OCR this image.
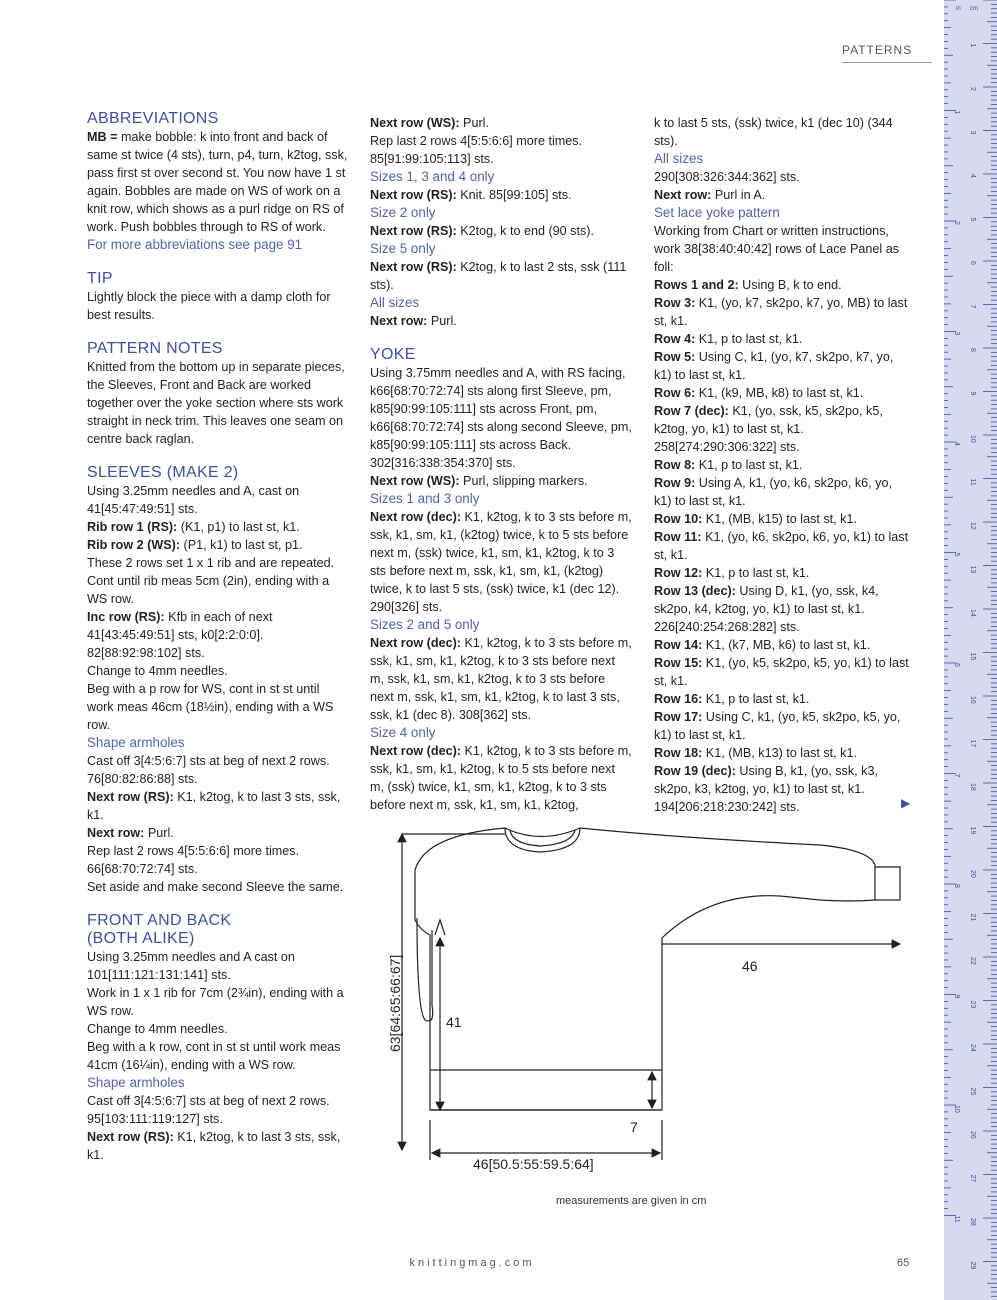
PATTERNS
ABBREVIATIONS
MB = make bobble: k into front and back of same st twice (4 sts), turn, p4, turn, k2tog, ssk, pass first st over second st. You now have 1 st again. Bobbles are made on WS of work on a knit row, which shows as a purl ridge on RS of work. Push bobbles through to RS of work.
For more abbreviations see page 91
TIP
Lightly block the piece with a damp cloth for best results.
PATTERN NOTES
Knitted from the bottom up in separate pieces, the Sleeves, Front and Back are worked together over the yoke section where sts work straight in neck trim. This leaves one seam on centre back raglan.
SLEEVES (MAKE 2)
Using 3.25mm needles and A, cast on 41[45:47:49:51] sts.
Rib row 1 (RS): (K1, p1) to last st, k1.
Rib row 2 (WS): (P1, k1) to last st, p1.
These 2 rows set 1 x 1 rib and are repeated. Cont until rib meas 5cm (2in), ending with a WS row.
Inc row (RS): Kfb in each of next 41[43:45:49:51] sts, k0[2:2:0:0]. 82[88:92:98:102] sts.
Change to 4mm needles.
Beg with a p row for WS, cont in st st until work meas 46cm (18½in), ending with a WS row.
Shape armholes
Cast off 3[4:5:6:7] sts at beg of next 2 rows. 76[80:82:86:88] sts.
Next row (RS): K1, k2tog, k to last 3 sts, ssk, k1.
Next row: Purl.
Rep last 2 rows 4[5:5:6:6] more times. 66[68:70:72:74] sts.
Set aside and make second Sleeve the same.
FRONT AND BACK
(BOTH ALIKE)
Using 3.25mm needles and A cast on 101[111:121:131:141] sts.
Work in 1 x 1 rib for 7cm (2¾in), ending with a WS row.
Change to 4mm needles.
Beg with a k row, cont in st st until work meas 41cm (16¼in), ending with a WS row.
Shape armholes
Cast off 3[4:5:6:7] sts at beg of next 2 rows. 95[103:111:119:127] sts.
Next row (RS): K1, k2tog, k to last 3 sts, ssk, k1.
Next row (WS): Purl.
Rep last 2 rows 4[5:5:6:6] more times. 85[91:99:105:113] sts.
Sizes 1, 3 and 4 only
Next row (RS): Knit. 85[99:105] sts.
Size 2 only
Next row (RS): K2tog, k to end (90 sts).
Size 5 only
Next row (RS): K2tog, k to last 2 sts, ssk (111 sts).
All sizes
Next row: Purl.
YOKE
Using 3.75mm needles and A, with RS facing, k66[68:70:72:74] sts along first Sleeve, pm, k85[90:99:105:111] sts across Front, pm, k66[68:70:72:74] sts along second Sleeve, pm, k85[90:99:105:111] sts across Back. 302[316:338:354:370] sts.
Next row (WS): Purl, slipping markers.
Sizes 1 and 3 only
Next row (dec): K1, k2tog, k to 3 sts before m, ssk, k1, sm, k1, (k2tog) twice, k to 5 sts before next m, (ssk) twice, k1, sm, k1, k2tog, k to 3 sts before next m, ssk, k1, sm, k1, (k2tog) twice, k to last 5 sts, (ssk) twice, k1 (dec 12). 290[326] sts.
Sizes 2 and 5 only
Next row (dec): K1, k2tog, k to 3 sts before m, ssk, k1, sm, k1, k2tog, k to 3 sts before next m, ssk, k1, sm, k1, k2tog, k to 3 sts before next m, ssk, k1, sm, k1, k2tog, k to last 3 sts, ssk, k1 (dec 8). 308[362] sts.
Size 4 only
Next row (dec): K1, k2tog, k to 3 sts before m, ssk, k1, sm, k1, k2tog, k to 5 sts before next m, (ssk) twice, k1, sm, k1, k2tog, k to 3 sts before next m, ssk, k1, sm, k1, k2tog,
k to last 5 sts, (ssk) twice, k1 (dec 10) (344 sts).
All sizes
290[308:326:344:362] sts.
Next row: Purl in A.
Set lace yoke pattern
Working from Chart or written instructions, work 38[38:40:40:42] rows of Lace Panel as foll:
Rows 1 and 2: Using B, k to end.
Row 3: K1, (yo, k7, sk2po, k7, yo, MB) to last st, k1.
Row 4: K1, p to last st, k1.
Row 5: Using C, k1, (yo, k7, sk2po, k7, yo, k1) to last st, k1.
Row 6: K1, (k9, MB, k8) to last st, k1.
Row 7 (dec): K1, (yo, ssk, k5, sk2po, k5, k2tog, yo, k1) to last st, k1. 258[274:290:306:322] sts.
Row 8: K1, p to last st, k1.
Row 9: Using A, k1, (yo, k6, sk2po, k6, yo, k1) to last st, k1.
Row 10: K1, (MB, k15) to last st, k1.
Row 11: K1, (yo, k6, sk2po, k6, yo, k1) to last st, k1.
Row 12: K1, p to last st, k1.
Row 13 (dec): Using D, k1, (yo, ssk, k4, sk2po, k4, k2tog, yo, k1) to last st, k1. 226[240:254:268:282] sts.
Row 14: K1, (k7, MB, k6) to last st, k1.
Row 15: K1, (yo, k5, sk2po, k5, yo, k1) to last st, k1.
Row 16: K1, p to last st, k1.
Row 17: Using C, k1, (yo, k5, sk2po, k5, yo, k1) to last st, k1.
Row 18: K1, (MB, k13) to last st, k1.
Row 19 (dec): Using B, k1, (yo, ssk, k3, sk2po, k3, k2tog, yo, k1) to last st, k1. 194[206:218:230:242] sts.	▶
63[64:65:66:67]	41
7
46[50.5:55:59.5:64]
46
measurements are given in cm
1
2
3
4
5
6
7
8
9
10
11
12
13
14
15
16
17
18
19
20
21
22
23
24
25
26
27
28
29
1
2
3
4
5
6
7
8
9
10
11
in cm
knittingmag.com	65
